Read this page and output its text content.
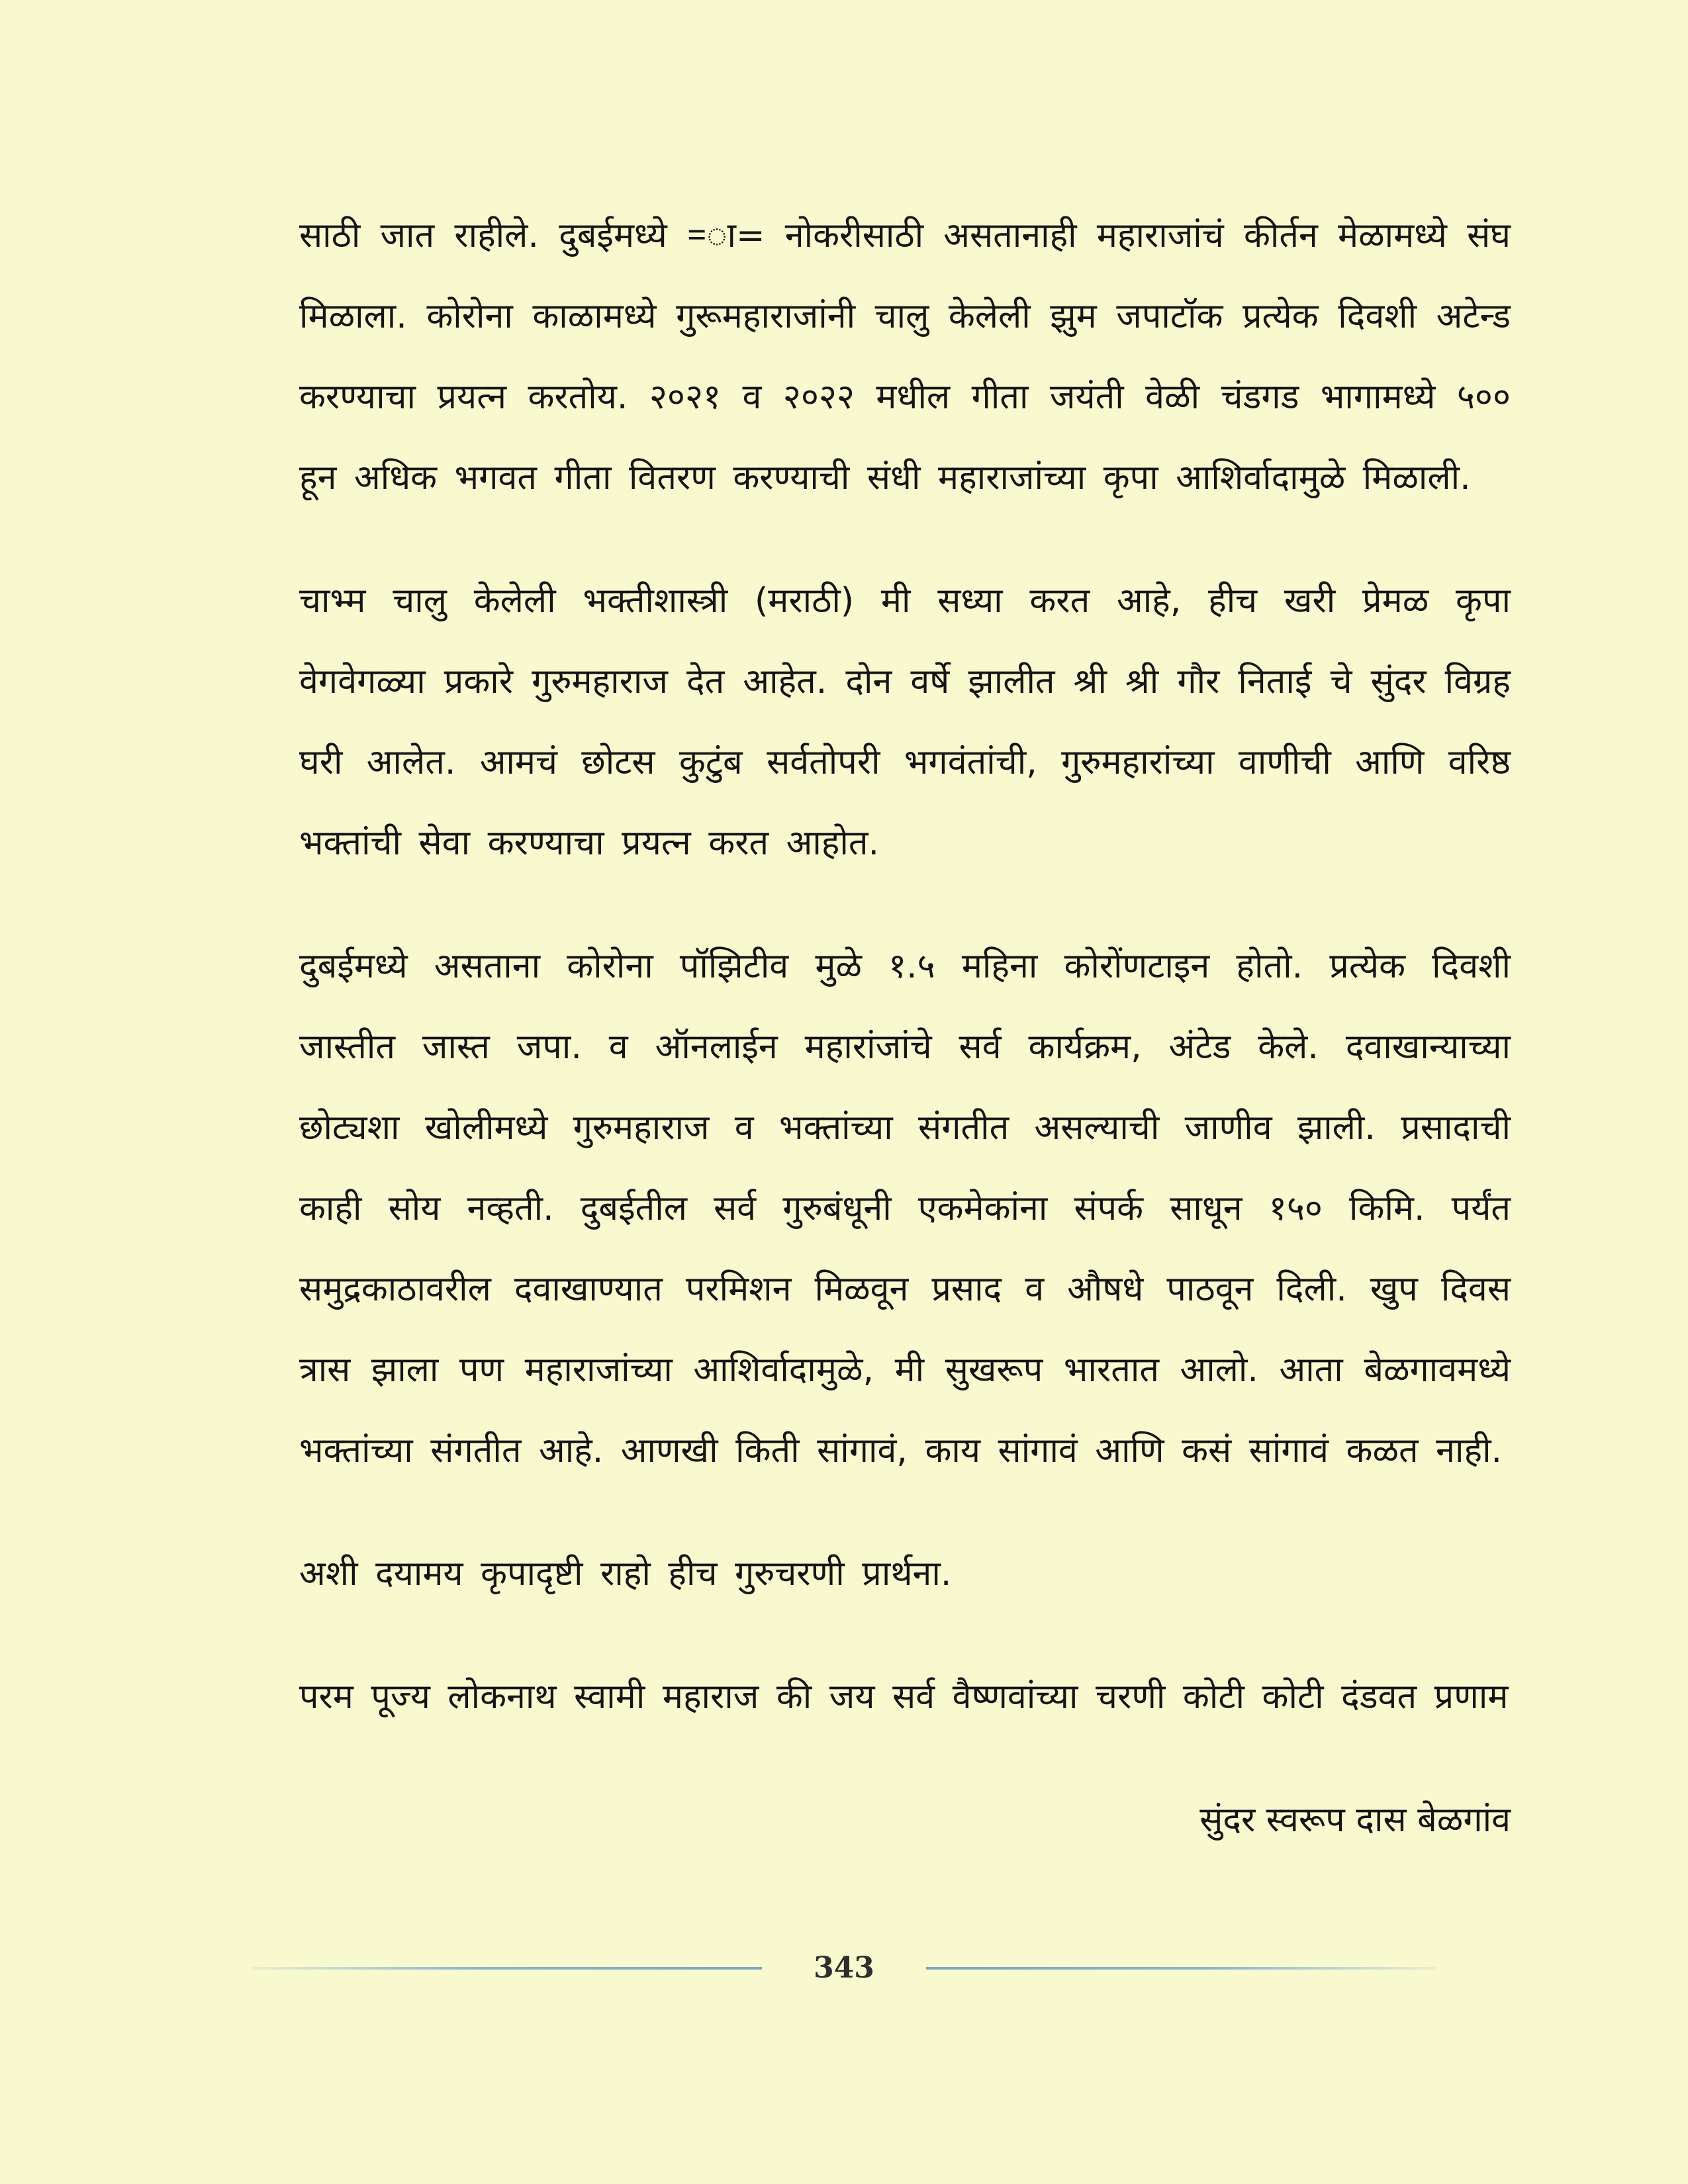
साठी जात राहीले. दुबईमध्ये =ा= नोकरीसाठी असतानाही महाराजांचं कीर्तन मेळामध्ये संघ मिळाला. कोरोना काळामध्ये गुरूमहाराजांनी चालु केलेली झुम जपाटॉक प्रत्येक दिवशी अटेन्ड करण्याचा प्रयत्न करतोय. २०२१ व २०२२ मधील गीता जयंती वेळी चंडगड भागामध्ये ५०० हून अधिक भगवत गीता वितरण करण्याची संधी महाराजांच्या कृपा आशिर्वादामुळे मिळाली.

चाभ्म चालु केलेली भक्तीशास्त्री (मराठी) मी सध्या करत आहे, हीच खरी प्रेमळ कृपा वेगवेगळ्या प्रकारे गुरुमहाराज देत आहेत. दोन वर्षे झालीत श्री श्री गौर निताई चे सुंदर विग्रह घरी आलेत. आमचं छोटस कुटुंब सर्वतोपरी भगवंतांची, गुरुमहारांच्या वाणीची आणि वरिष्ठ भक्तांची सेवा करण्याचा प्रयत्न करत आहोत.

दुबईमध्ये असताना कोरोना पॉझिटीव मुळे १.५ महिना कोरोंणटाइन होतो. प्रत्येक दिवशी जास्तीत जास्त जपा. व ऑनलाईन महारांजांचे सर्व कार्यक्रम, अंटेड केले. दवाखान्याच्या छोट्यशा खोलीमध्ये गुरुमहाराज व भक्तांच्या संगतीत असल्याची जाणीव झाली. प्रसादाची काही सोय नव्हती. दुबईतील सर्व गुरुबंधूनी एकमेकांना संपर्क साधून १५० किमि. पर्यंत समुद्रकाठावरील दवाखाण्यात परमिशन मिळवून प्रसाद व औषधे पाठवून दिली. खुप दिवस त्रास झाला पण महाराजांच्या आशिर्वादामुळे, मी सुखरूप भारतात आलो. आता बेळगावमध्ये भक्तांच्या संगतीत आहे. आणखी किती सांगावं, काय सांगावं आणि कसं सांगावं कळत नाही.

अशी दयामय कृपादृष्टी राहो हीच गुरुचरणी प्रार्थना.

परम पूज्य लोकनाथ स्वामी महाराज की जय सर्व वैष्णवांच्या चरणी कोटी कोटी दंडवत प्रणाम

सुंदर स्वरूप दास बेळगांव
343
